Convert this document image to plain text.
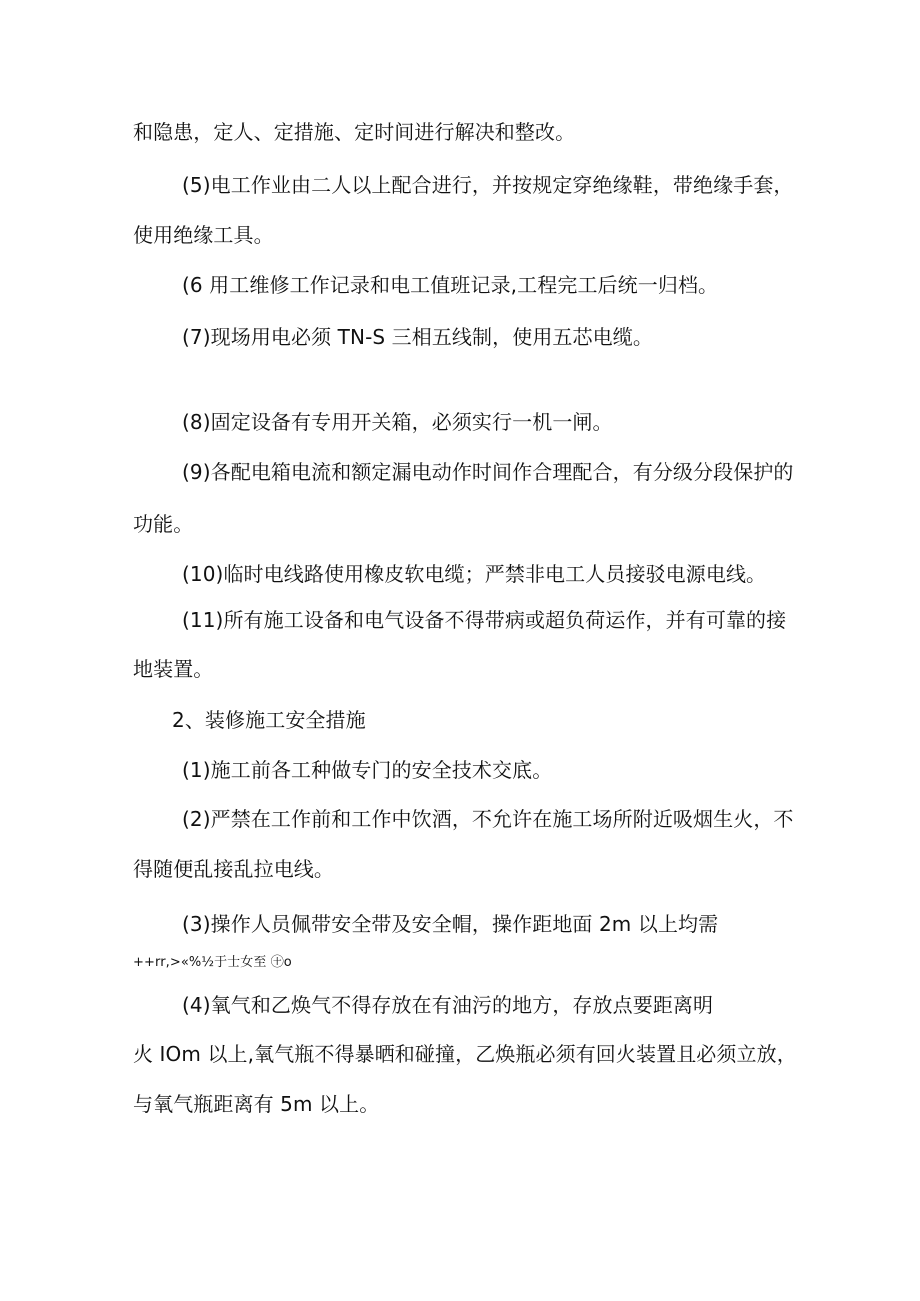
和隐患，定人、定措施、定时间进行解决和整改。
(5)电工作业由二人以上配合进行，并按规定穿绝缘鞋，带绝缘手套，
使用绝缘工具。
(6 用工维修工作记录和电工值班记录,工程完工后统一归档。
(7)现场用电必须 TN-S 三相五线制，使用五芯电缆。
(8)固定设备有专用开关箱，必须实行一机一闸。
(9)各配电箱电流和额定漏电动作时间作合理配合，有分级分段保护的
功能。
(10)临时电线路使用橡皮软电缆；严禁非电工人员接驳电源电线。
(11)所有施工设备和电气设备不得带病或超负荷运作，并有可靠的接
地装置。
2、装修施工安全措施
(1)施工前各工种做专门的安全技术交底。
(2)严禁在工作前和工作中饮酒，不允许在施工场所附近吸烟生火，不
得随便乱接乱拉电线。
(3)操作人员佩带安全带及安全帽，操作距地面 2m 以上均需
++rr,>«%½于士女至 ㊉o
(4)氧气和乙焕气不得存放在有油污的地方，存放点要距离明
火 IOm 以上,氧气瓶不得暴晒和碰撞，乙焕瓶必须有回火装置且必须立放，
与氧气瓶距离有 5m 以上。
